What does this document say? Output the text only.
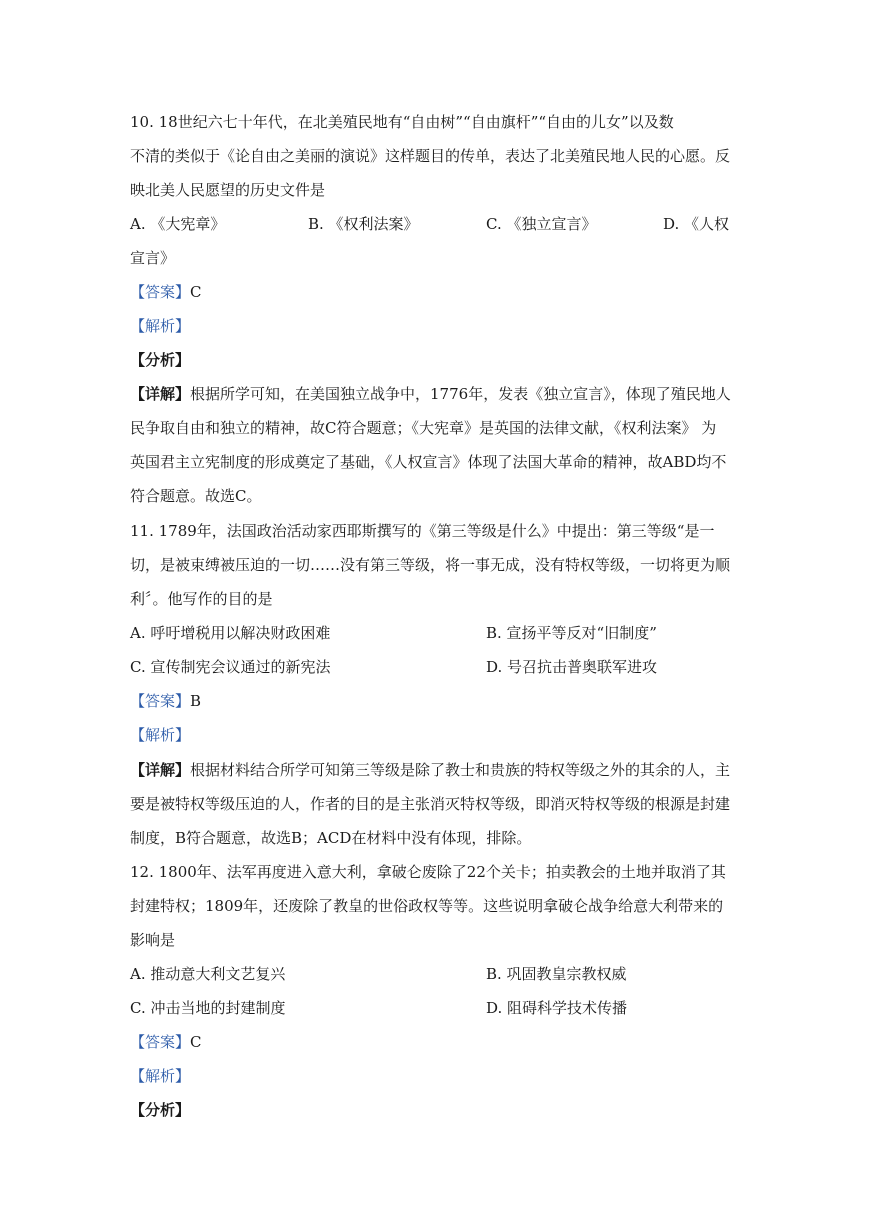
10. 18世纪六七十年代，在北美殖民地有“自由树”“自由旗杆”“自由的儿女”以及数
不清的类似于《论自由之美丽的演说》这样题目的传单，表达了北美殖民地人民的心愿。反
映北美人民愿望的历史文件是
A. 《大宪章》	B. 《权利法案》	C. 《独立宣言》	D. 《人权
宣言》
【答案】C
【解析】
【分析】
【详解】根据所学可知，在美国独立战争中，1776年，发表《独立宣言》，体现了殖民地人
民争取自由和独立的精神，故C符合题意；《大宪章》是英国的法律文献，《权利法案》 为
英国君主立宪制度的形成奠定了基础，《人权宣言》体现了法国大革命的精神，故ABD均不
符合题意。故选C。
11. 1789年，法国政治活动家西耶斯撰写的《第三等级是什么》中提出：第三等级“是一
切，是被束缚被压迫的一切……没有第三等级，将一事无成，没有特权等级，一切将更为顺
利〞。他写作的目的是
A. 呼吁增税用以解决财政困难	B. 宣扬平等反对“旧制度”
C. 宣传制宪会议通过的新宪法	D. 号召抗击普奥联军进攻
【答案】B
【解析】
【详解】根据材料结合所学可知第三等级是除了教士和贵族的特权等级之外的其余的人，主
要是被特权等级压迫的人，作者的目的是主张消灭特权等级，即消灭特权等级的根源是封建
制度，B符合题意，故选B；ACD在材料中没有体现，排除。
12. 1800年、法军再度进入意大利，拿破仑废除了22个关卡；拍卖教会的土地并取消了其
封建特权；1809年，还废除了教皇的世俗政权等等。这些说明拿破仑战争给意大利带来的
影响是
A. 推动意大利文艺复兴	B. 巩固教皇宗教权威
C. 冲击当地的封建制度	D. 阻碍科学技术传播
【答案】C
【解析】
【分析】
